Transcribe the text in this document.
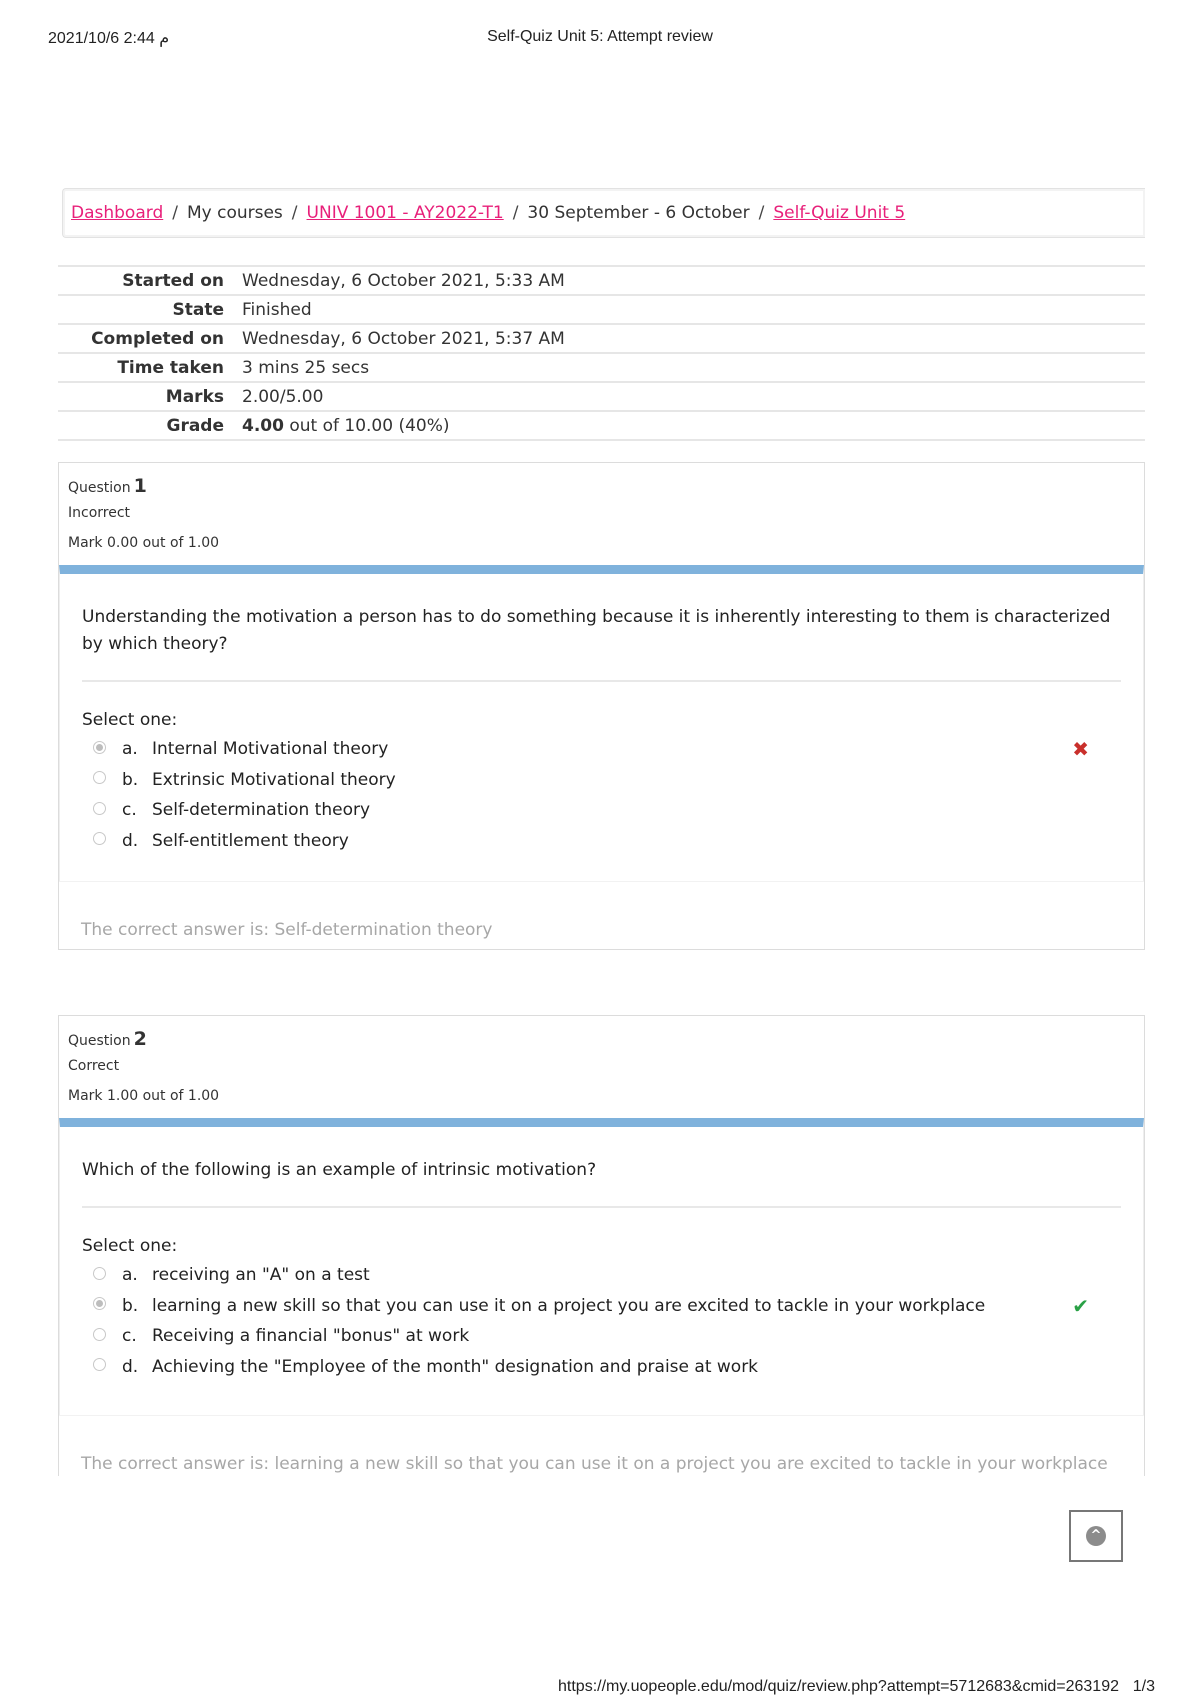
م 2:44 2021/10/6	Self-Quiz Unit 5: Attempt review
Dashboard / My courses / UNIV 1001 - AY2022-T1 / 30 September - 6 October / Self-Quiz Unit 5
Started on	Wednesday, 6 October 2021, 5:33 AM
State	Finished
Completed on	Wednesday, 6 October 2021, 5:37 AM
Time taken	3 mins 25 secs
Marks	2.00/5.00
Grade	4.00 out of 10.00 (40%)
Question 1
Incorrect
Mark 0.00 out of 1.00
Understanding the motivation a person has to do something because it is inherently interesting to them is characterized by which theory?
Select one:
a. Internal Motivational theory	✖
b. Extrinsic Motivational theory
c. Self-determination theory
d. Self-entitlement theory
The correct answer is: Self-determination theory
Question 2
Correct
Mark 1.00 out of 1.00
Which of the following is an example of intrinsic motivation?
Select one:
a. receiving an "A" on a test
b. learning a new skill so that you can use it on a project you are excited to tackle in your workplace	✔
c. Receiving a financial "bonus" at work
d. Achieving the "Employee of the month" designation and praise at work
The correct answer is: learning a new skill so that you can use it on a project you are excited to tackle in your workplace
^
https://my.uopeople.edu/mod/quiz/review.php?attempt=5712683&cmid=263192 1/3
